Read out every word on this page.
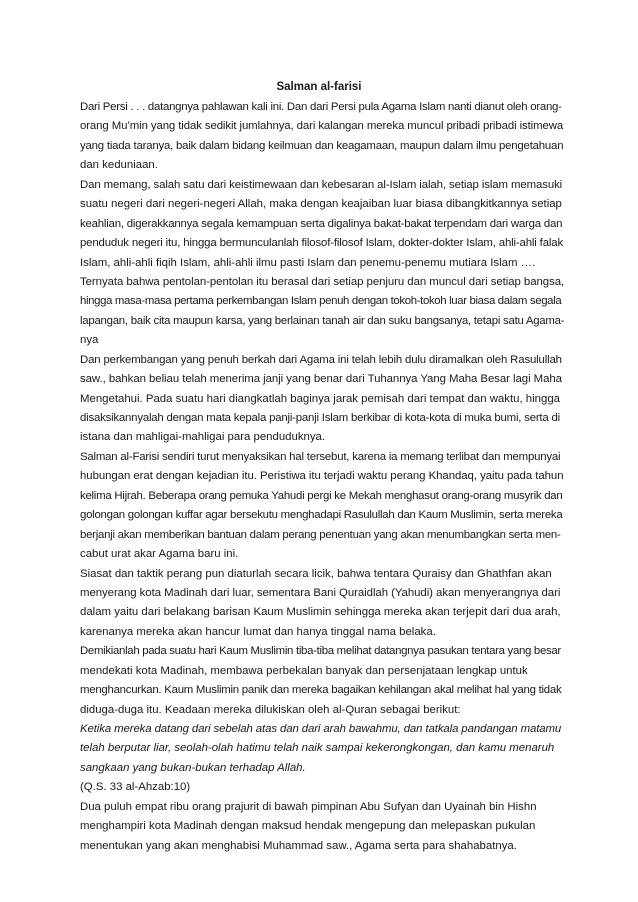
Salman al-farisi
Dari Persi . . . datangnya pahlawan kali ini. Dan dari Persi pula Agama Islam nanti dianut oleh orang-
orang Mu’min yang tidak sedikit jumlahnya, dari kalangan mereka muncul pribadi pribadi istimewa
yang tiada taranya, baik dalam bidang keilmuan dan keagamaan, maupun dalam ilmu pengetahuan
dan keduniaan.
Dan memang, salah satu dari keistimewaan dan kebesaran al-Islam ialah, setiap islam memasuki
suatu negeri dari negeri-negeri Allah, maka dengan keajaiban luar biasa dibangkitkannya setiap
keahlian, digerakkannya segala kemampuan serta digalinya bakat-bakat terpendam dari warga dan
penduduk negeri itu, hingga bermunculanlah filosof-filosof Islam, dokter-dokter Islam, ahli-ahli falak
Islam, ahli-ahli fiqih Islam, ahli-ahli ilmu pasti Islam dan penemu-penemu mutiara Islam ….
Ternyata bahwa pentolan-pentolan itu berasal dari setiap penjuru dan muncul dari setiap bangsa,
hingga masa-masa pertama perkembangan Islam penuh dengan tokoh-tokoh luar biasa dalam segala
lapangan, baik cita maupun karsa, yang berlainan tanah air dan suku bangsanya, tetapi satu Agama-
nya
Dan perkembangan yang penuh berkah dari Agama ini telah lebih dulu diramalkan oleh Rasulullah
saw., bahkan beliau telah menerima janji yang benar dari Tuhannya Yang Maha Besar lagi Maha
Mengetahui. Pada suatu hari diangkatlah baginya jarak pemisah dari tempat dan waktu, hingga
disaksikannyalah dengan mata kepala panji-panji Islam berkibar di kota-kota di muka bumi, serta di
istana dan mahligai-mahligai para penduduknya.
Salman al-Farisi sendiri turut menyaksikan hal tersebut, karena ia memang terlibat dan mempunyai
hubungan erat dengan kejadian itu. Peristiwa itu terjadi waktu perang Khandaq, yaitu pada tahun
kelima Hijrah. Beberapa orang pemuka Yahudi pergi ke Mekah menghasut orang-orang musyrik dan
golongan golongan kuffar agar bersekutu menghadapi Rasulullah dan Kaum Muslimin, serta mereka
berjanji akan memberikan bantuan dalam perang penentuan yang akan menumbangkan serta men-
cabut urat akar Agama baru ini.
Siasat dan taktik perang pun diaturlah secara licik, bahwa tentara Quraisy dan Ghathfan akan
menyerang kota Madinah dari luar, sementara Bani Quraidlah (Yahudi) akan menyerangnya dari
dalam yaitu dari belakang barisan Kaum Muslimin sehingga mereka akan terjepit dari dua arah,
karenanya mereka akan hancur lumat dan hanya tinggal nama belaka.
Demikianlah pada suatu hari Kaum Muslimin tiba-tiba melihat datangnya pasukan tentara yang besar
mendekati kota Madinah, membawa perbekalan banyak dan persenjataan lengkap untuk
menghancurkan. Kaum Muslimin panik dan mereka bagaikan kehilangan akal melihat hal yang tidak
diduga-duga itu. Keadaan mereka dilukiskan oleh al-Quran sebagai berikut:
Ketika mereka datang dari sebelah atas dan dari arah bawahmu, dan tatkala pandangan matamu
telah berputar liar, seolah-olah hatimu telah naik sampai kekerongkongan, dan kamu menaruh
sangkaan yang bukan-bukan terhadap Allah.
(Q.S. 33 al-Ahzab:10)
Dua puluh empat ribu orang prajurit di bawah pimpinan Abu Sufyan dan Uyainah bin Hishn
menghampiri kota Madinah dengan maksud hendak mengepung dan melepaskan pukulan
menentukan yang akan menghabisi Muhammad saw., Agama serta para shahabatnya.
